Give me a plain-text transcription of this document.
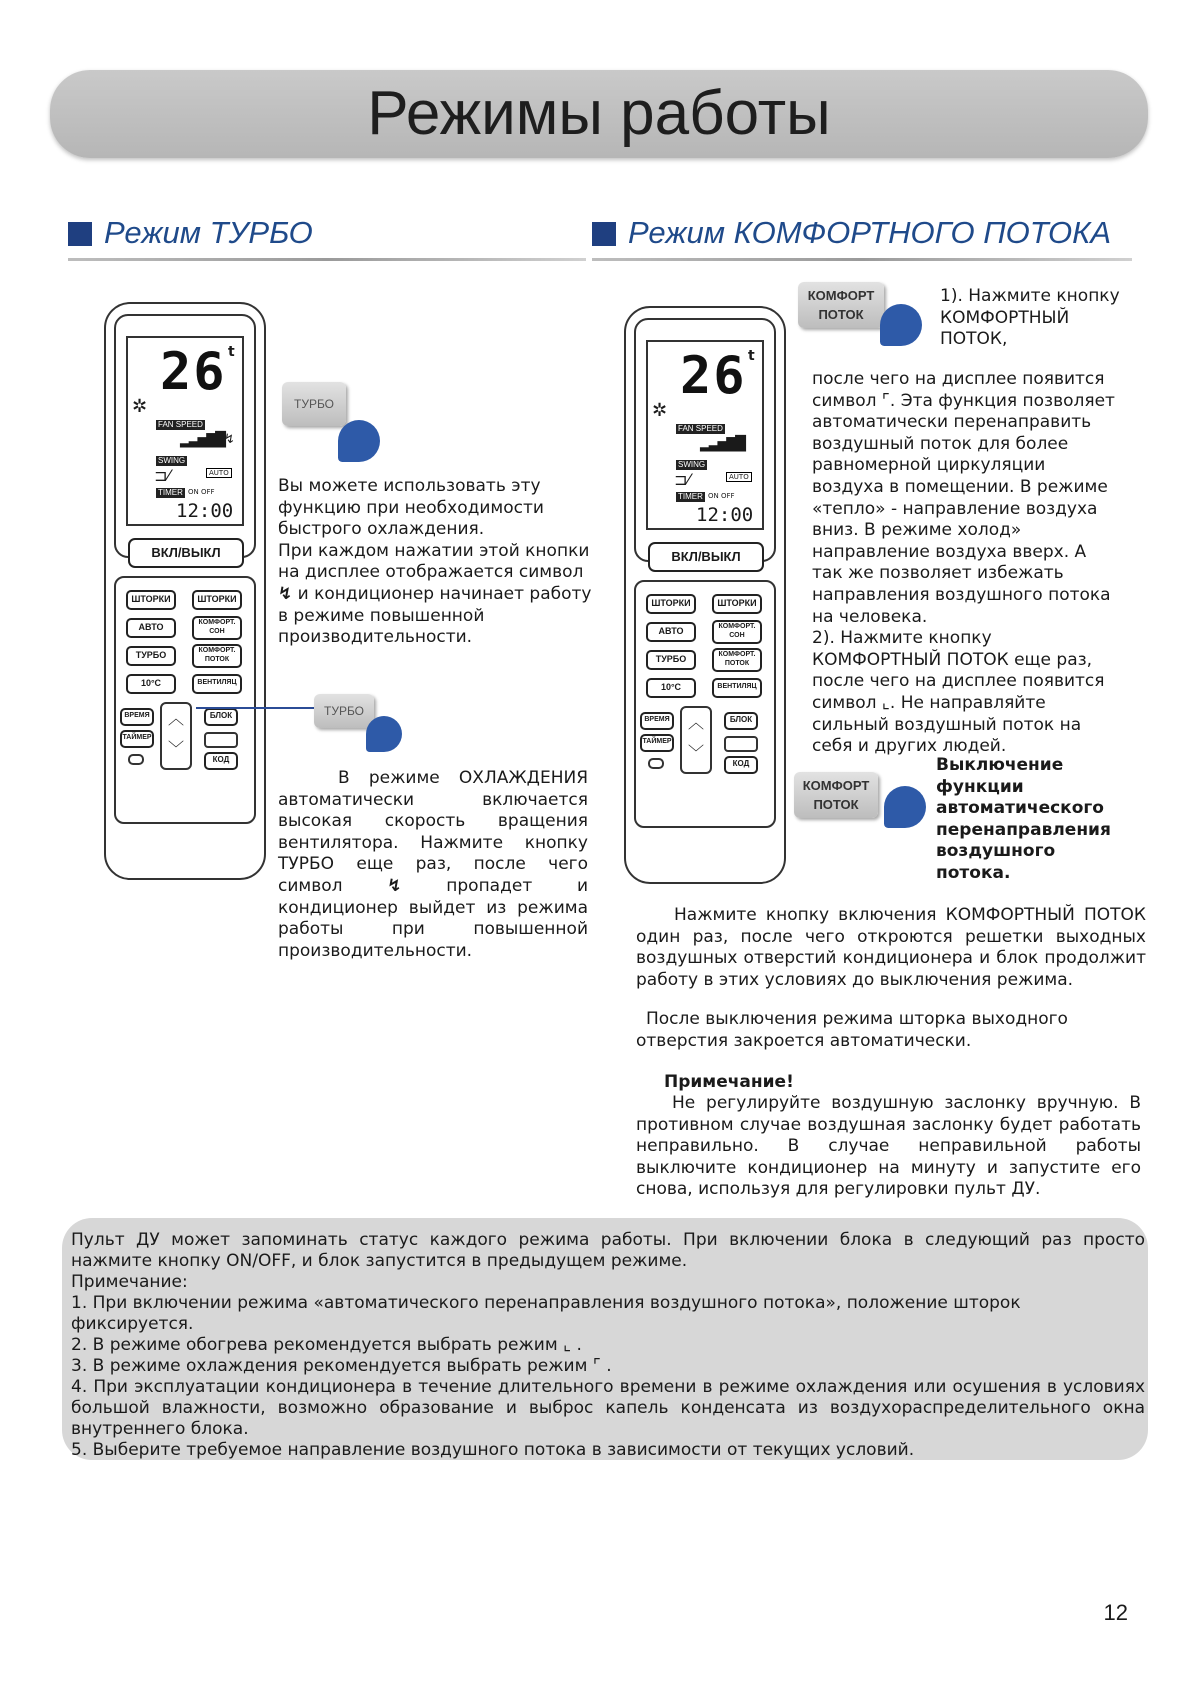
Режимы работы
Режим ТУРБО	Режим КОМФОРТНОГО ПОТОКА
✲
26 t
FAN SPEED
▂▃▅▇█ ↯
SWING
⊐⁄	AUTO
TIMER ON OFF
12:00
ВКЛ/ВЫКЛ
ШТОРКИ	ШТОРКИ
АВТО	КОМФОРТ. СОН
ТУРБО	КОМФОРТ. ПОТОК
10°C	ВЕНТИЛЯЦ
ВРЕМЯ
ТАЙМЕР
︿
﹀
БЛОК
КОД
ТУРБО
ТУРБО
Вы можете использовать эту функцию при необходимости быстрого охлаждения.
При каждом нажатии этой кнопки на дисплее отображается символ ↯ и кондиционер начинает работу в режиме повышенной производительности.
В режиме ОХЛАЖДЕНИЯ автоматически включается высокая скорость вращения вентилятора. Нажмите кнопку ТУРБО еще раз, после чего символ	↯	пропадет и кондиционер выйдет из режима работы при повышенной производительности.
✲
26 t
FAN SPEED
▂▃▅▇█
SWING
⊐⁄	AUTO
TIMER ON OFF
12:00
ВКЛ/ВЫКЛ
ШТОРКИ	ШТОРКИ
АВТО	КОМФОРТ. СОН
ТУРБО	КОМФОРТ. ПОТОК
10°C	ВЕНТИЛЯЦ
ВРЕМЯ
ТАЙМЕР
︿
﹀
БЛОК
КОД
КОМФОРТ
ПОТОК
КОМФОРТ
ПОТОК
1). Нажмите кнопку КОМФОРТНЫЙ ПОТОК,
после чего на дисплее появится символ ⌜. Эта функция позволяет автоматически перенаправить воздушный поток для более равномерной циркуляции воздуха в помещении. В режиме «тепло» - направление воздуха вниз. В режиме холод» направление воздуха вверх. А так же позволяет избежать направления воздушного потока на человека.
2). Нажмите кнопку КОМФОРТНЫЙ ПОТОК еще раз, после чего на дисплее появится символ ⌞. Не направляйте сильный воздушный поток на себя и других людей.
Выключение функции автоматического перенаправления воздушного потока.
Нажмите кнопку включения КОМФОРТНЫЙ ПОТОК один раз, после чего откроются решетки выходных воздушных отверстий кондиционера и блок продолжит работу в этих условиях до выключения режима.
После выключения режима шторка выходного отверстия закроется автоматически.
Примечание!
Не регулируйте воздушную заслонку вручную. В противном случае воздушная заслонку будет работать неправильно. В случае неправильной работы выключите кондиционер на минуту и запустите его снова, используя для регулировки пульт ДУ.
Пульт ДУ может запоминать статус каждого режима работы. При включении блока в следующий раз просто нажмите кнопку ON/OFF, и блок запустится в предыдущем режиме.
Примечание:
1. При включении режима «автоматического перенаправления воздушного потока», положение шторок фиксируется.
2. В режиме обогрева рекомендуется выбрать режим ⌞ .
3. В режиме охлаждения рекомендуется выбрать режим ⌜ .
4. При эксплуатации кондиционера в течение длительного времени в режиме охлаждения или осушения в условиях большой влажности, возможно образование и выброс капель конденсата из воздухораспределительного окна внутреннего блока.
5. Выберите требуемое направление воздушного потока в зависимости от текущих условий.
12
